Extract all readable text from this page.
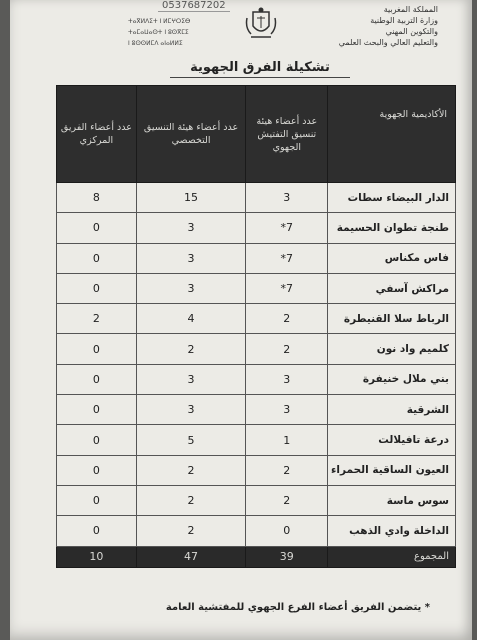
0537687202	المملكة المغربية
وزارة التربية الوطنية
والتكوين المهني
والتعليم العالي والبحث العلمي
ⵜⴰⴳⵍⴷⵉⵜ ⵏ ⵍⵎⵖⵔⵉⴱ
ⵜⴰⵎⴰⵡⴰⵙⵜ ⵏ ⵓⵙⴳⵎⵉ
ⵏ ⵓⵙⵙⵍⵎⴷ ⴰⵏⴰⵍⵍⵉ
تشكيلة الفرق الجهوية
* يتضمن الفريق أعضاء الفرع الجهوي للمفتشية العامة
الأكاديمية الجهوية	عدد أعضاء هيئة تنسيق التفتيش الجهوي	عدد أعضاء هيئة التنسيق التخصصي	عدد أعضاء الفريق المركزي
الدار البيضاء سطات	3	15	8
طنجة تطوان الحسيمة	7*	3	0
فاس مكناس	7*	3	0
مراكش آسفي	7*	3	0
الرباط سلا القنيطرة	2	4	2
كلميم واد نون	2	2	0
بني ملال خنيفرة	3	3	0
الشرقية	3	3	0
درعة تافيلالت	1	5	0
العيون الساقية الحمراء	2	2	0
سوس ماسة	2	2	0
الداخلة وادي الذهب	0	2	0
المجموع	39	47	10
